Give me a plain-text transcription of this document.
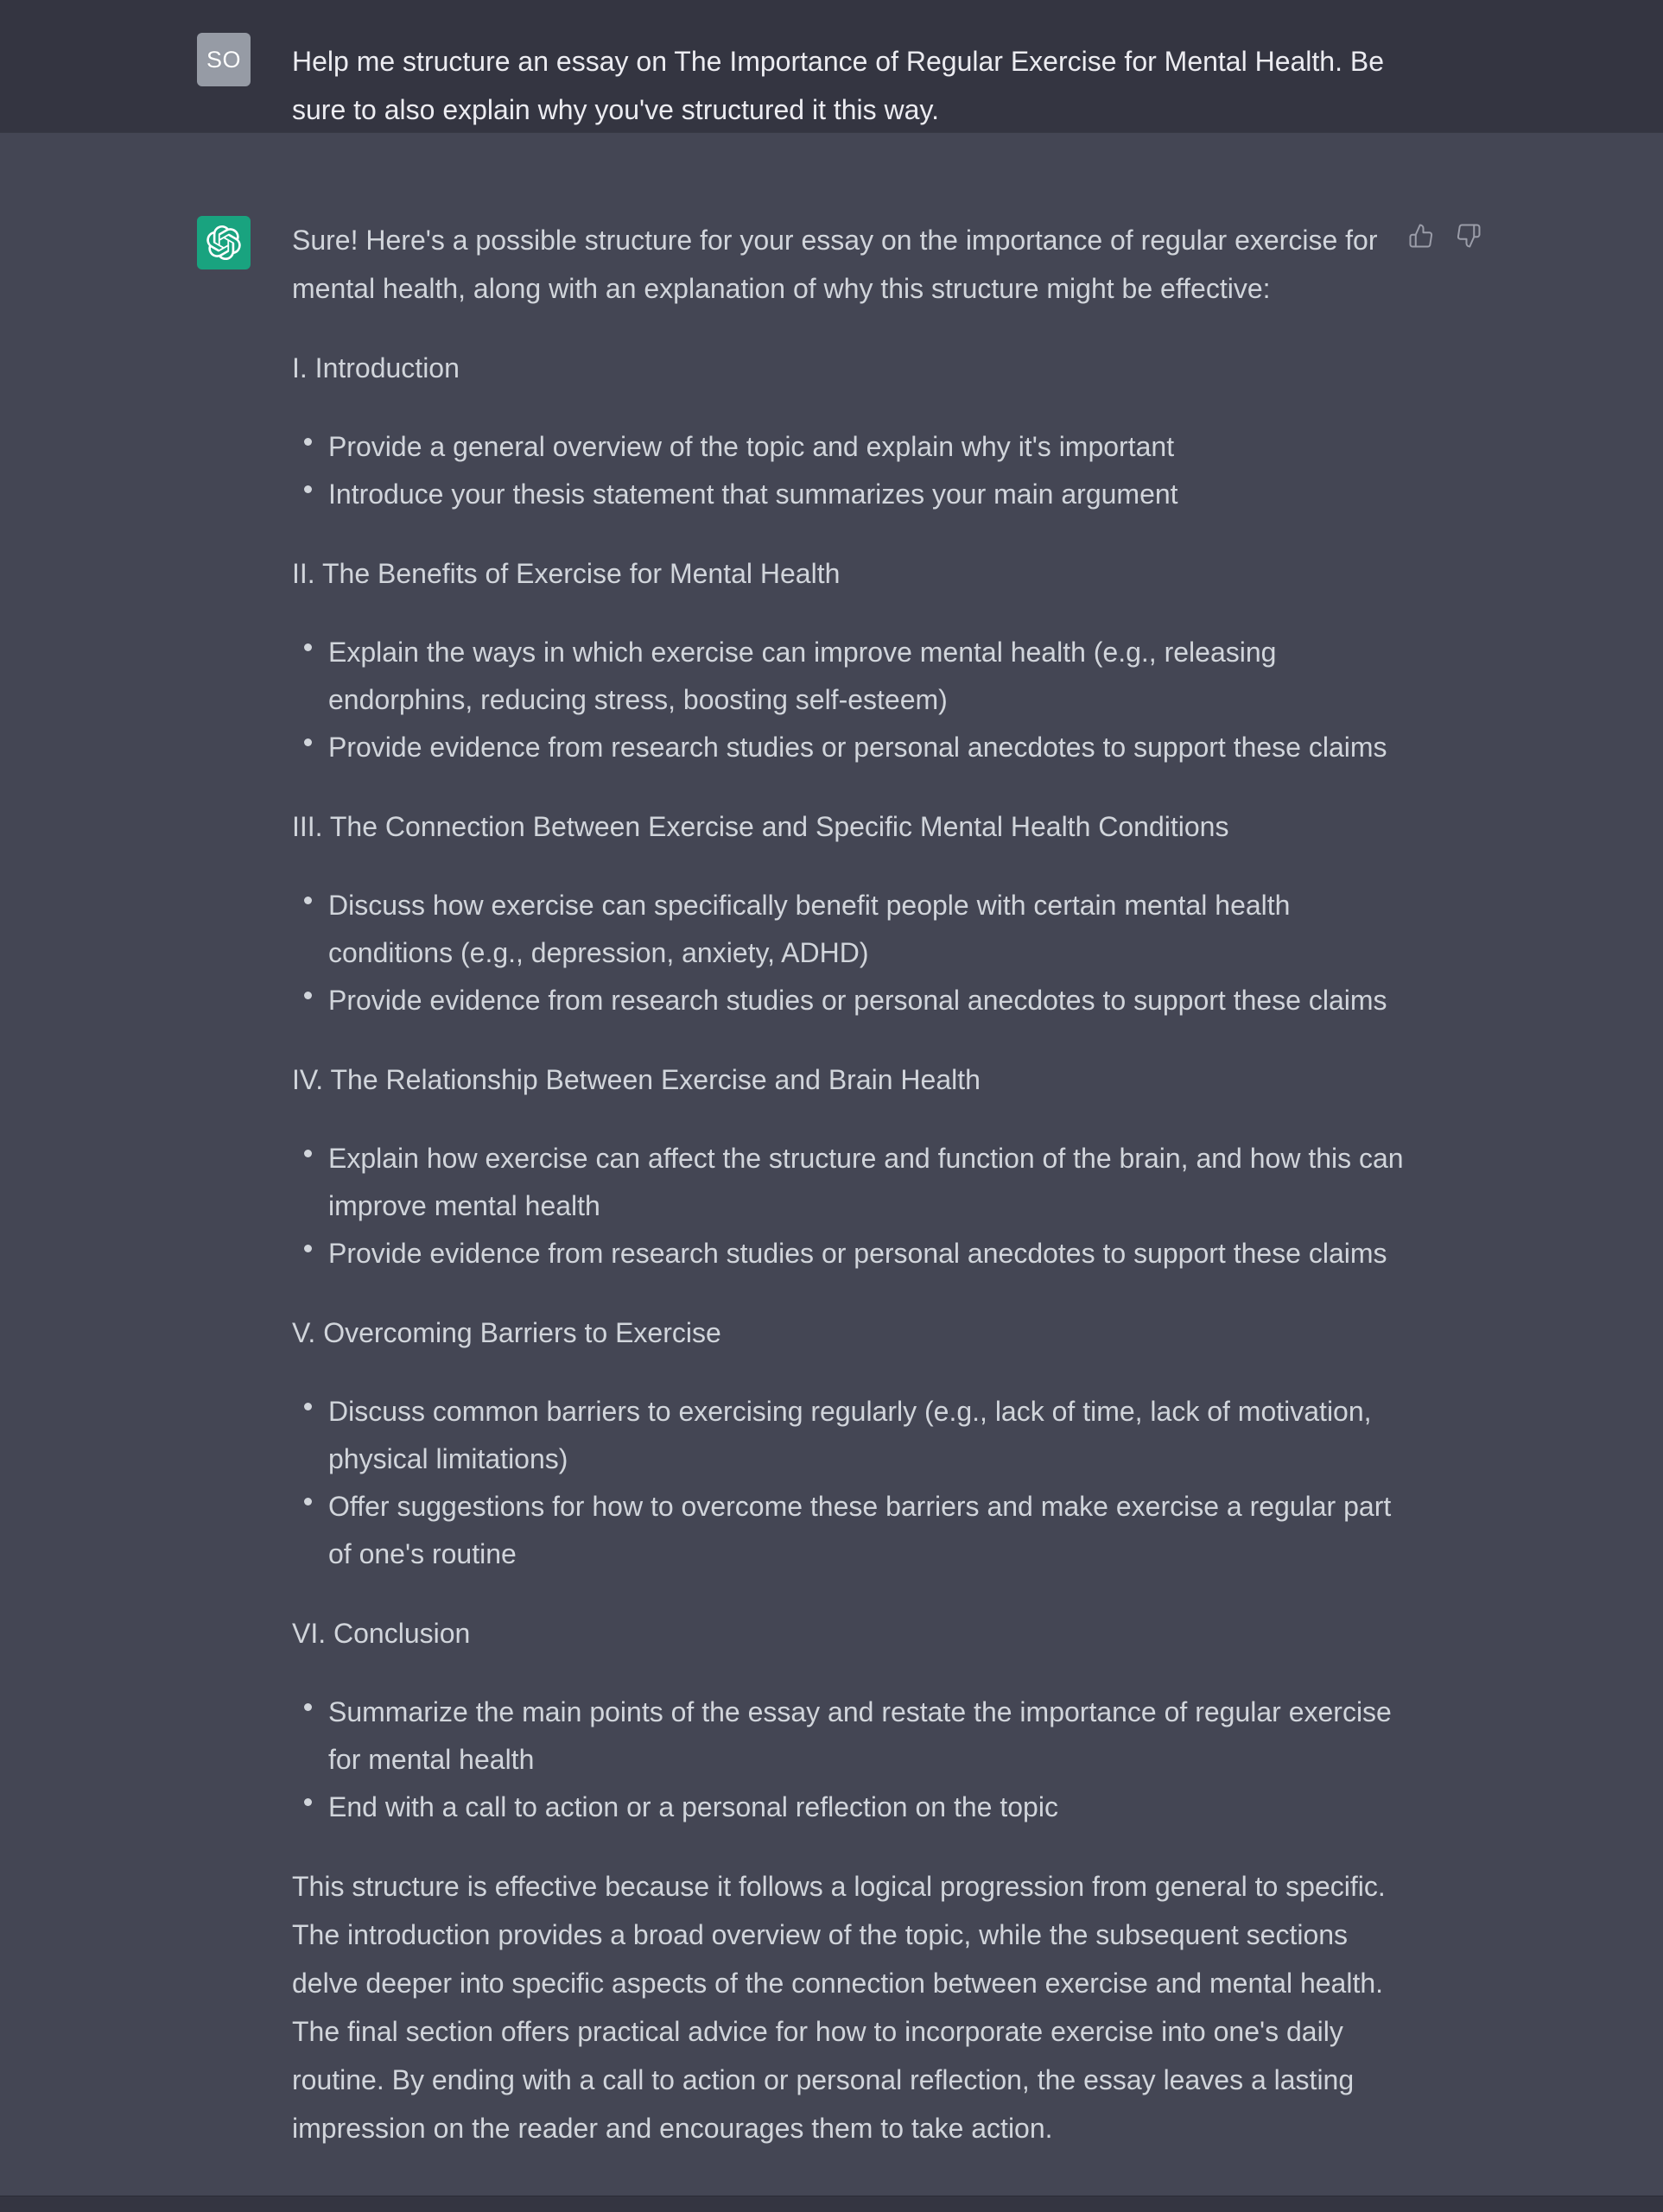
SO Help me structure an essay on The Importance of Regular Exercise for Mental Health. Be sure to also explain why you've structured it this way.

Sure! Here's a possible structure for your essay on the importance of regular exercise for mental health, along with an explanation of why this structure might be effective:

I. Introduction

Provide a general overview of the topic and explain why it's important
Introduce your thesis statement that summarizes your main argument

II. The Benefits of Exercise for Mental Health

Explain the ways in which exercise can improve mental health (e.g., releasing endorphins, reducing stress, boosting self-esteem)
Provide evidence from research studies or personal anecdotes to support these claims

III. The Connection Between Exercise and Specific Mental Health Conditions

Discuss how exercise can specifically benefit people with certain mental health conditions (e.g., depression, anxiety, ADHD)
Provide evidence from research studies or personal anecdotes to support these claims

IV. The Relationship Between Exercise and Brain Health

Explain how exercise can affect the structure and function of the brain, and how this can improve mental health
Provide evidence from research studies or personal anecdotes to support these claims

V. Overcoming Barriers to Exercise

Discuss common barriers to exercising regularly (e.g., lack of time, lack of motivation, physical limitations)
Offer suggestions for how to overcome these barriers and make exercise a regular part of one's routine

VI. Conclusion

Summarize the main points of the essay and restate the importance of regular exercise for mental health
End with a call to action or a personal reflection on the topic

This structure is effective because it follows a logical progression from general to specific. The introduction provides a broad overview of the topic, while the subsequent sections delve deeper into specific aspects of the connection between exercise and mental health. The final section offers practical advice for how to incorporate exercise into one's daily routine. By ending with a call to action or personal reflection, the essay leaves a lasting impression on the reader and encourages them to take action.
